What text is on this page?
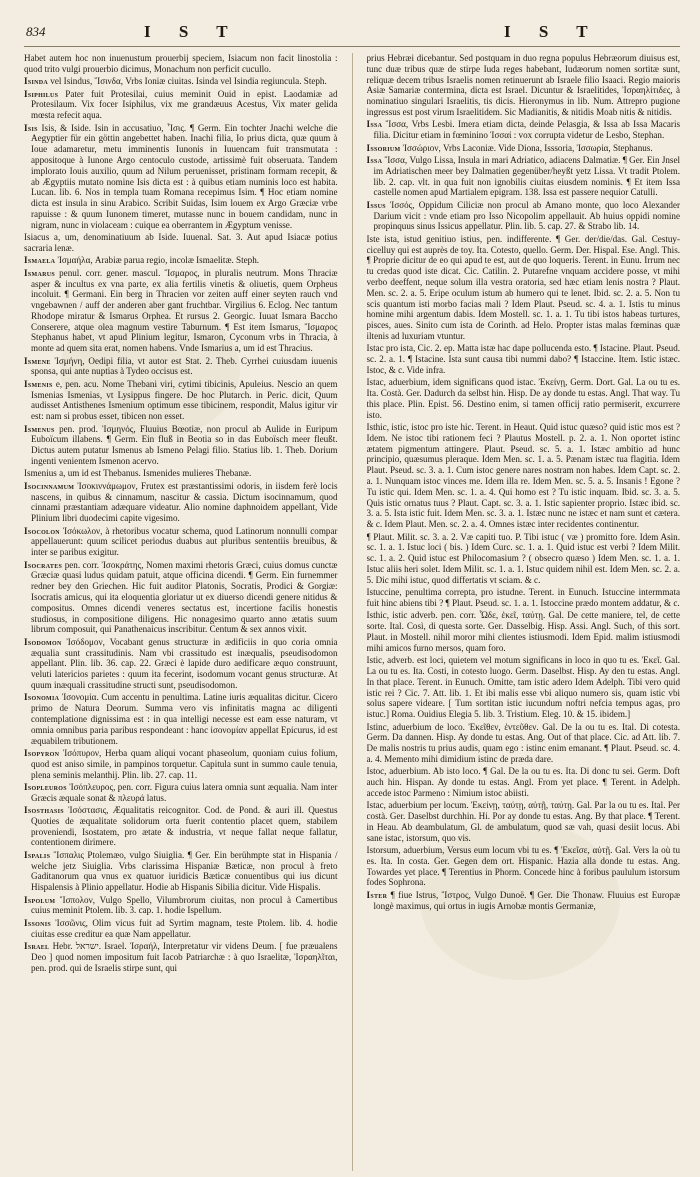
834	I S T	I S T

Habet autem hoc non inuenustum prouerbij speciem, Isiacum non facit linostolia : quod trito vulgi prouerbio dicimus, Monachum non perficit cucullo.

Isinda vel Isindus, Ἴσινδα, Vrbs Ioniæ ciuitas. Isinda vel Isindia regiuncula. Steph.

Isiphilus Pater fuit Protesilai, cuius meminit Ouid in epist. Laodamiæ ad Protesilaum. Vix focer Isiphilus, vix me grandæuus Acestus, Vix mater gelida mœsta refecit aqua.

Isis Isis, & Iside. Isin in accusatiuo, Ἶσις. ¶ Germ. Ein tochter Jnachi welche die Aegyptier für ein göttin angebettet haben. Inachi filia, Io prius dicta, quæ quum à Ioue adamaretur, metu imminentis Iunonis in Iuuencam fuit transmutata : appositoque à Iunone Argo centoculo custode, artissimè fuit obseruata. Tandem implorato Iouis auxilio, quum ad Nilum peruenisset, pristinam formam recepit, & ab Ægyptiis mutato nomine Isis dicta est : à quibus etiam numinis loco est habita. Lucan. lib. 6. Nos in templa tuam Romana recepimus Isim. ¶ Hoc etiam nomine dicta est insula in sinu Arabico. Scribit Suidas, Isim louem ex Argo Græciæ vrbe rapuisse : & quum Iunonem timeret, mutasse nunc in bouem candidam, nunc in nigram, nunc in violaceam : cuique ea oberrantem in Ægyptum venisse.

Isiacus a, um, denominatiuum ab Iside. Iuuenal. Sat. 3. Aut apud Isiacæ potius sacraria lenæ.

Ismaela Ἰσμαήλα, Arabiæ parua regio, incolæ Ismaelitæ. Steph.

Ismarus penul. corr. gener. mascul. Ἴσμαρος, in pluralis neutrum. Mons Thraciæ asper & incultus ex vna parte, ex alia fertilis vinetis & oliuetis, quem Orpheus incoluit. ¶ Germani. Ein berg in Thracien vor zeiten auff einer seyten rauch vnd vngebawnen / auff der anderen aber gant fruchtbar. Virgilius 6. Eclog. Nec tantum Rhodope miratur & Ismarus Orphea. Et rursus 2. Georgic. Iuuat Ismara Baccho Conserere, atque olea magnum vestire Taburnum. ¶ Est item Ismarus, Ἴσμαρος Stephanus habet, vt apud Plinium legitur, Ismaron, Cyconum vrbs in Thracia, à monte ad quem sita erat, nomen habens. Vnde Ismarius a, um id est Thracius.

Ismene Ἰσμήνη, Oedipi filia, vt autor est Stat. 2. Theb. Cyrrhei cuiusdam iuuenis sponsa, qui ante nuptias à Tydeo occisus est.

Ismenis e, pen. acu. Nome Thebani viri, cytimi tibicinis, Apuleius. Nescio an quem Ismenias Ismenias, vt Lysippus fingere. De hoc Plutarch. in Peric. dicit, Quum audisset Antisthenes Ismenium optimum esse tibicinem, respondit, Malus igitur vir est: nam si probus esset, tibicen non esset.

Ismenus pen. prod. Ἰσμηνός, Fluuius Bœotiæ, non procul ab Aulide in Euripum Euboïcum illabens. ¶ Germ. Ein fluß in Beotia so in das Euboïsch meer fleußt. Dictus autem putatur Ismenus ab Ismeno Pelagi filio. Statius lib. 1. Theb. Dorium ingenti venientem Ismenon acervo.

Ismenius a, um id est Thebanus. Ismenides mulieres Thebanæ.

Isocinnamum Ἰσοκιννάμωμον, Frutex est præstantissimi odoris, in iisdem ferè locis nascens, in quibus & cinnamum, nascitur & cassia. Dictum isocinnamum, quod cinnami præstantiam adæquare videatur. Alio nomine daphnoidem appellant, Vide Plinium libri duodecimi capite vigesimo.

Isocolon Ἰσόκωλον, à rhetoribus vocatur schema, quod Latinorum nonnulli compar appellauerunt: quum scilicet periodus duabus aut pluribus sententiis breuibus, & inter se paribus exigitur.

Isocrates pen. corr. Ἰσοκράτης, Nomen maximi rhetoris Græci, cuius domus cunctæ Græciæ quasi ludus quidam patuit, atque officina dicendi. ¶ Germ. Ein furnemmer redner bey den Griechen. Hic fuit auditor Platonis, Socratis, Prodici & Gorgiæ: Isocratis amicus, qui ita eloquentia gloriatur ut ex diuerso dicendi genere nitidus & compositus. Omnes dicendi veneres sectatus est, incertione facilis honestis studiosus, in compositione diligens. Hic nonagesimo quarto anno ætatis suum librum composuit, qui Panathenaicus inscribitur. Centum & sex annos vixit.

Isodomon Ἰσόδομον, Vocabant genus structuræ in ædificiis in quo coria omnia æqualia sunt crassitudinis. Nam vbi crassitudo est inæqualis, pseudisodomon appellant. Plin. lib. 36. cap. 22. Græci è lapide duro aedificare æquo construunt, veluti latericios parietes : quum ita fecerint, isodomum vocant genus structuræ. At quum inæquali crassitudine structi sunt, pseudisodomon.

Isonomia Ἰσονομία. Cum accentu in penultima. Latine iuris æqualitas dicitur. Cicero primo de Natura Deorum. Summa vero vis infinitatis magna ac diligenti contemplatione dignissima est : in qua intelligi necesse est eam esse naturam, vt omnia omnibus paria paribus respondeant : hanc ἰσονομίαν appellat Epicurus, id est æquabilem tributionem.

Isopyron Ἰσόπυρον, Herba quam aliqui vocant phaseolum, quoniam cuius folium, quod est aniso simile, in pampinos torquetur. Capitula sunt in summo caule tenuia, plena seminis melanthij. Plin. lib. 27. cap. 11.

Isopleuros Ἰσόπλευρος, pen. corr. Figura cuius latera omnia sunt æqualia. Nam inter Græcis æquale sonat & πλευρά latus.

Isosthasis Ἰσόστασις, Æqualitatis reicognitor. Cod. de Pond. & auri ill. Questus Quoties de æqualitate solidorum orta fuerit contentio placet quem, stabilem proveniendi, Isostatem, pro ætate & industria, vt neque fallat neque fallatur, contentionem dirimere.

Ispalis Ἵσπαλις Ptolemæo, vulgo Siuiglia. ¶ Ger. Ein berühmpte stat in Hispania / welche jetz Siuiglia. Vrbs clarissima Hispaniæ Bæticæ, non procul à freto Gaditanorum qua vnus ex quatuor iuridicis Bæticæ conuentibus qui ius dicunt Hispalensis à Plinio appellatur. Hodie ab Hispanis Sibilia dicitur. Vide Hispalis.

Ispolum Ἴσπολον, Vulgo Spello, Vilumbrorum ciuitas, non procul à Camertibus cuius meminit Ptolem. lib. 3. cap. 1. hodie Ispellum.

Issonis Ἰσσῶνις, Olim vicus fuit ad Syrtim magnam, teste Ptolem. lib. 4. hodie ciuitas esse creditur ea quæ Nam appellatur.

Israel Hebr. ישראל. Israel. Ἰσραήλ, Interpretatur vir videns Deum. [ fue præualens Deo ] quod nomen impositum fuit Iacob Patriarchæ : à quo Israelitæ, Ἰσραηλῖται, pen. prod. qui de Israelis stirpe sunt, qui

prius Hebræi dicebantur. Sed postquam in duo regna populus Hebræorum diuisus est, tunc duæ tribus quæ de stirpe Iuda reges habebant, Iudæorum nomen sortitæ sunt, reliquæ decem tribus Israelis nomen retinuerunt ab Israele filio Isaaci. Regio maioris Asiæ Samariæ contermina, dicta est Israel. Dicuntur & Israelitides, Ἰσραηλίτιδες, à nominatiuo singulari Israelitis, tis dicis. Hieronymus in lib. Num. Attrepro pugione ingressus est post virum Israelitidem. Sic Madianitis, & nitidis Moab nitis & nitidis.

Issa Ἴσσα, Vrbs Lesbi. Imera etiam dicta, deinde Pelasgia, & Issa ab Issa Macaris filia. Dicitur etiam in fœminino Ἰσσαί : vox corrupta videtur de Lesbo, Stephan.

Issorium Ἰσσώριον, Vrbs Laconiæ. Vide Diona, Isssoria, Ἰσσωρία, Stephanus.

Issa Ἴσσα, Vulgo Lissa, Insula in mari Adriatico, adiacens Dalmatiæ. ¶ Ger. Ein Jnsel im Adriatischen meer bey Dalmatien gegenüber/heyßt yetz Lissa. Vt tradit Ptolem. lib. 2. cap. vlt. in qua fuit non ignobilis ciuitas eiusdem nominis. ¶ Et item Issa castelle nomen apud Martialem epigram. 138. Issa est passere nequior Catulli.

Issus Ἰσσός, Oppidum Ciliciæ non procul ab Amano monte, quo loco Alexander Darium vicit : vnde etiam pro Isso Nicopolim appellauit. Ab huius oppidi nomine propinquus sinus Issicus appellatur. Plin. lib. 5. cap. 27. & Strabo lib. 14.

Iste ista, istud genitiuo istius, pen. indifferente. ¶ Ger. der/die/das. Gal. Cestuy-cicelluy qui est auprès de toy. Ita. Cotesto, quello. Germ. Der. Hispal. Ese. Angl. This. ¶ Proprie dicitur de eo qui apud te est, aut de quo loqueris. Terent. in Eunu. Irrum nec tu credas quod iste dicat. Cic. Catilin. 2. Putarefne vnquam accidere posse, vt mihi verbo deeffent, neque solum illa vestra oratoria, sed hæc etiam lenis nostra ? Plaut. Men. sc. 2. a. 5. Eripe oculum istum ab humero qui te lenet. Ibid. sc. 2. a. 5. Non tu scis quantum isti morbo facias mali ? Idem Plaut. Pseud. sc. 4. a. 1. Istis tu minus homine mihi argentum dabis. Idem Mostell. sc. 1. a. 1. Tu tibi istos habeas turtures, pisces, aues. Sinito cum ista de Corinth. ad Helo. Propter istas malas fœminas quæ iltenis ad luxuriam vtuntur.

Istac pro ista, Cic. 2. ep. Matta istæ hac dape pollucenda esto. ¶ Istacine. Plaut. Pseud. sc. 2. a. 1. ¶ Istacine. Ista sunt causa tibi nummi dabo? ¶ Istaccine. Item. Istic istæc. Istoc, & c. Vide infra.

Istac, aduerbium, idem significans quod istac. Ἐκείνῃ, Germ. Dort. Gal. La ou tu es. Ita. Costà. Ger. Dadurch da selbst hin. Hisp. De ay donde tu estas. Angl. That way. Tu this place. Plin. Epist. 56. Destino enim, si tamen officij ratio permiserit, excurrere isto.

Isthic, istic, istoc pro iste hic. Terent. in Heaut. Quid istuc quæso? quid istic mos est ? Idem. Ne istoc tibi rationem feci ? Plautus Mostell. p. 2. a. 1. Non oportet istinc ætatem pigmentum attingere. Plaut. Pseud. sc. 5. a. 1. Istæc ambitio ad hunc principio, quæsumus pleraque. Idem Men. sc. 1. a. 5. Pænam istæc tua flagitia. Idem Plaut. Pseud. sc. 3. a. 1. Cum istoc genere nares nostram non habes. Idem Capt. sc. 2. a. 1. Nunquam istoc vinces me. Idem illa re. Idem Men. sc. 5. a. 5. Insanis ! Egone ? Tu istic qui. Idem Men. sc. 1. a. 4. Qui homo est ? Tu istic inquam. Ibid. sc. 3. a. 5. Quis istic ornatus tuus ? Plaut. Capt. sc. 3. a. 1. Istic sapienter proprio. Istæc ibid. sc. 3. a. 5. Ista istic fuit. Idem Men. sc. 3. a. 1. Istæc nunc ne istæc et nam sunt et cætera. & c. Idem Plaut. Men. sc. 2. a. 4. Omnes istæc inter recidentes continentur.

¶ Plaut. Milit. sc. 3. a. 2. Væ capiti tuo. P. Tibi istuc ( væ ) promitto fore. Idem Asin. sc. 1. a. 1. Istuc loci ( bis. ) Idem Curc. sc. 1. a. 1. Quid istuc est verbi ? Idem Milit. sc. 1. a. 2. Quid istuc est Philocomasium ? ( obsecro quæso ) Idem Men. sc. 1. a. 1. Istuc aliis heri solet. Idem Milit. sc. 1. a. 1. Istuc quidem nihil est. Idem Men. sc. 2. a. 5. Dic mihi istuc, quod differtatis vt sciam. & c.

Istuccine, penultima correpta, pro istudne. Terent. in Eunuch. Istuccine intermmata fuit hinc abiens tibi ? ¶ Plaut. Pseud. sc. 1. a. 1. Istoccine prædo montem addatur, & c.

Isthic, istic adverb. pen. corr. Ὧδε, ἐκεῖ, ταύτῃ. Gal. De cette maniere, tel, de cette sorte. Ital. Così, di questa sorte. Ger. Dasselbig. Hisp. Assi. Angl. Such, of this sort. Plaut. in Mostell. nihil moror mihi clientes istiusmodi. Idem Epid. malim istiusmodi mihi amicos furno mersos, quam foro.

Istic, adverb. est loci, quietem vel motum significans in loco in quo tu es. Ἐκεῖ. Gal. La ou tu es. Ita. Costi, in cotesto luogo. Germ. Daselbst. Hisp. Ay den tu estas. Angl. In that place. Terent. in Eunuch. Omitte, tam istic adero Idem Adelph. Tibi vero quid istic rei ? Cic. 7. Att. lib. 1. Et ibi malis esse vbi aliquo numero sis, quam istic vbi solus sapere videare. [ Tum sortitan istic iucundum noftri nefcia tempus agas, pro istuc.] Roma. Ouidius Elegia 5. lib. 3. Tristium. Eleg. 10. & 15. ibidem.]

Istinc, aduerbium de loco. Ἐκεῖθεν, ἐντεῦθεν. Gal. De la ou tu es. Ital. Di cotesta. Germ. Da dannen. Hisp. Ay donde tu estas. Ang. Out of that place. Cic. ad Att. lib. 7. De malis nostris tu prius audis, quam ego : istinc enim emanant. ¶ Plaut. Pseud. sc. 4. a. 4. Memento mihi dimidium istinc de præda dare.

Istoc, aduerbium. Ab isto loco. ¶ Gal. De la ou tu es. Ita. Di donc tu sei. Germ. Doft auch hin. Hispan. Ay donde tu estas. Angl. From yet place. ¶ Terent. in Adelph. accede istoc Parmeno : Nimium istoc abiisti.

Istac, aduerbium per locum. Ἐκείνῃ, ταύτῃ, αὐτῇ, ταύτῃ. Gal. Par la ou tu es. Ital. Per costà. Ger. Daselbst durchhin. Hi. Por ay donde tu estas. Ang. By that place. ¶ Terent. in Heau. Ab deambulatum, Gl. de ambulatum, quod sæ vah, quasi desiit locus. Abi sane istac, istorsum, quo vis.

Istorsum, aduerbium, Versus eum locum vbi tu es. ¶ Ἐκεῖσε, αὐτῇ. Gal. Vers la où tu es. Ita. In costa. Ger. Gegen dem ort. Hispanic. Hazia alla donde tu estas. Ang. Towardes yet place. ¶ Terentius in Phorm. Concede hinc à foribus paululum istorsum fodes Sophrona.

Ister ¶ fiue Istrus, Ἴστρος, Vulgo Dunoë. ¶ Ger. Die Thonaw. Fluuius est Europæ longè maximus, qui ortus in iugis Arnobæ montis Germaniæ,
